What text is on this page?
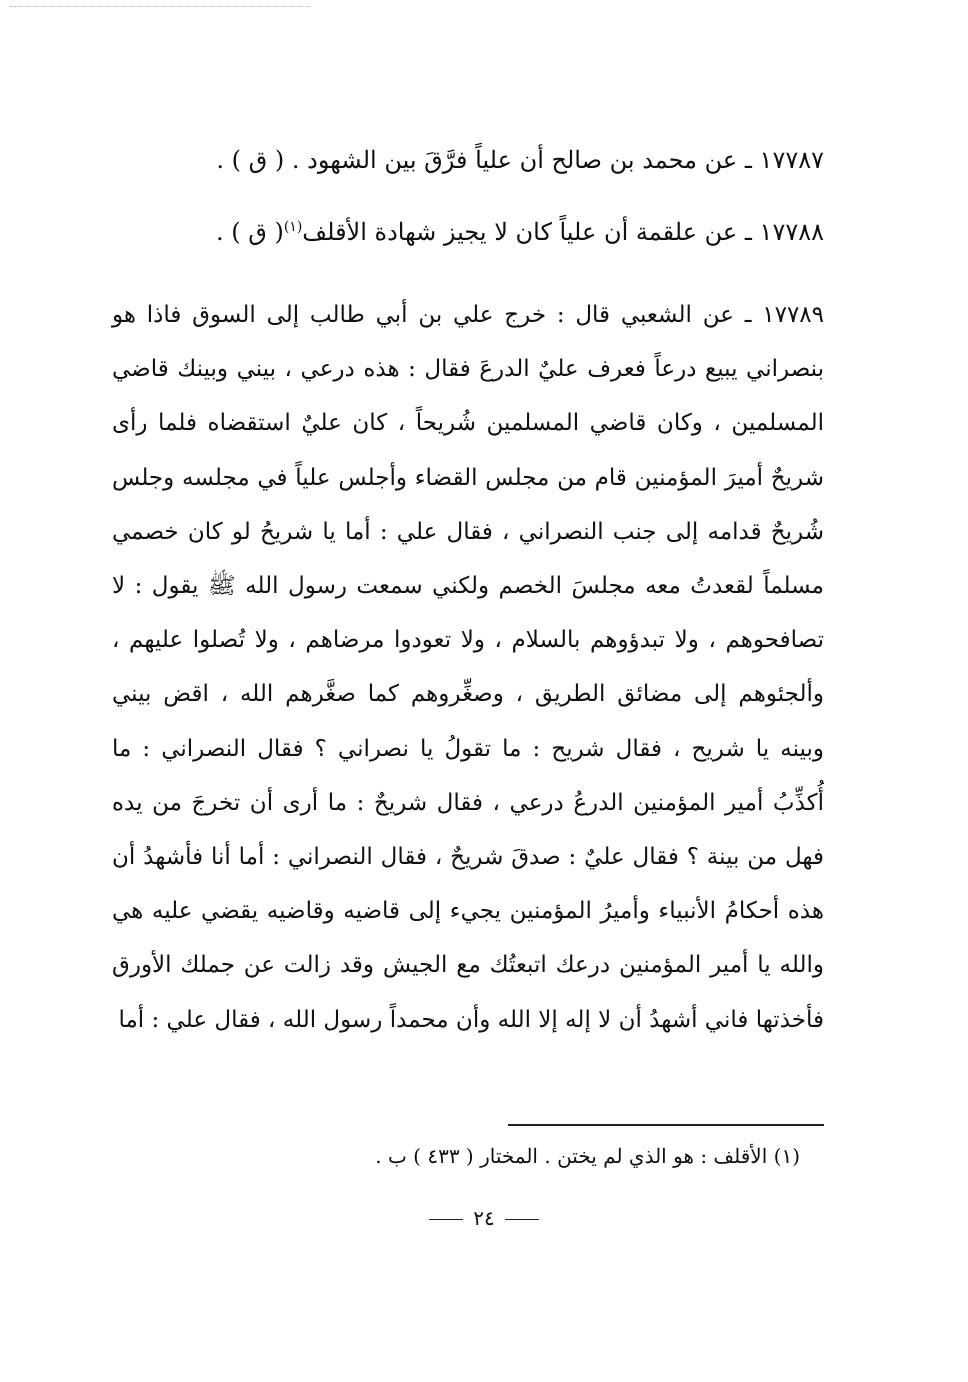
١٧٧٨٧ ـ عن محمد بن صالح أن علياً فرَّقَ بين الشهود . ( ق ) .

١٧٧٨٨ ـ عن علقمة أن علياً كان لا يجيز شهادة الأقلف$^{(١)}$( ق ) .

١٧٧٨٩ ـ عن الشعبي قال : خرج علي بن أبي طالب إلى السوق فاذا هو بنصراني يبيع درعاً فعرف عليٌ الدرعَ فقال : هذه درعي ، بيني وبينك قاضي المسلمين ، وكان قاضي المسلمين شُريحاً ، كان عليٌ استقضاه فلما رأى شريحٌ أميرَ المؤمنين قام من مجلس القضاء وأجلس علياً في مجلسه وجلس شُريحٌ قدامه إلى جنب النصراني ، فقال علي : أما يا شريحُ لو كان خصمي مسلماً لقعدتُ معه مجلسَ الخصم ولكني سمعت رسول الله ﷺ يقول : لا تصافحوهم ، ولا تبدؤوهم بالسلام ، ولا تعودوا مرضاهم ، ولا تُصلوا عليهم ، وألجئوهم إلى مضائق الطريق ، وصغِّروهم كما صغَّرهم الله ، اقض بيني وبينه يا شريح ، فقال شريح : ما تقولُ يا نصراني ؟ فقال النصراني : ما أُكذِّبُ أمير المؤمنين الدرعُ درعي ، فقال شريحٌ : ما أرى أن تخرجَ من يده فهل من بينة ؟ فقال عليٌ : صدقَ شريحٌ ، فقال النصراني : أما أنا فأشهدُ أن هذه أحكامُ الأنبياء وأميرُ المؤمنين يجيء إلى قاضيه وقاضيه يقضي عليه هي والله يا أمير المؤمنين درعك اتبعتُك مع الجيش وقد زالت عن جملك الأورق فأخذتها فاني أشهدُ أن لا إله إلا الله وأن محمداً رسول الله ، فقال علي : أما

(١) الأقلف : هو الذي لم يختن . المختار ( ٤٣٣ ) ب .
٢٤
